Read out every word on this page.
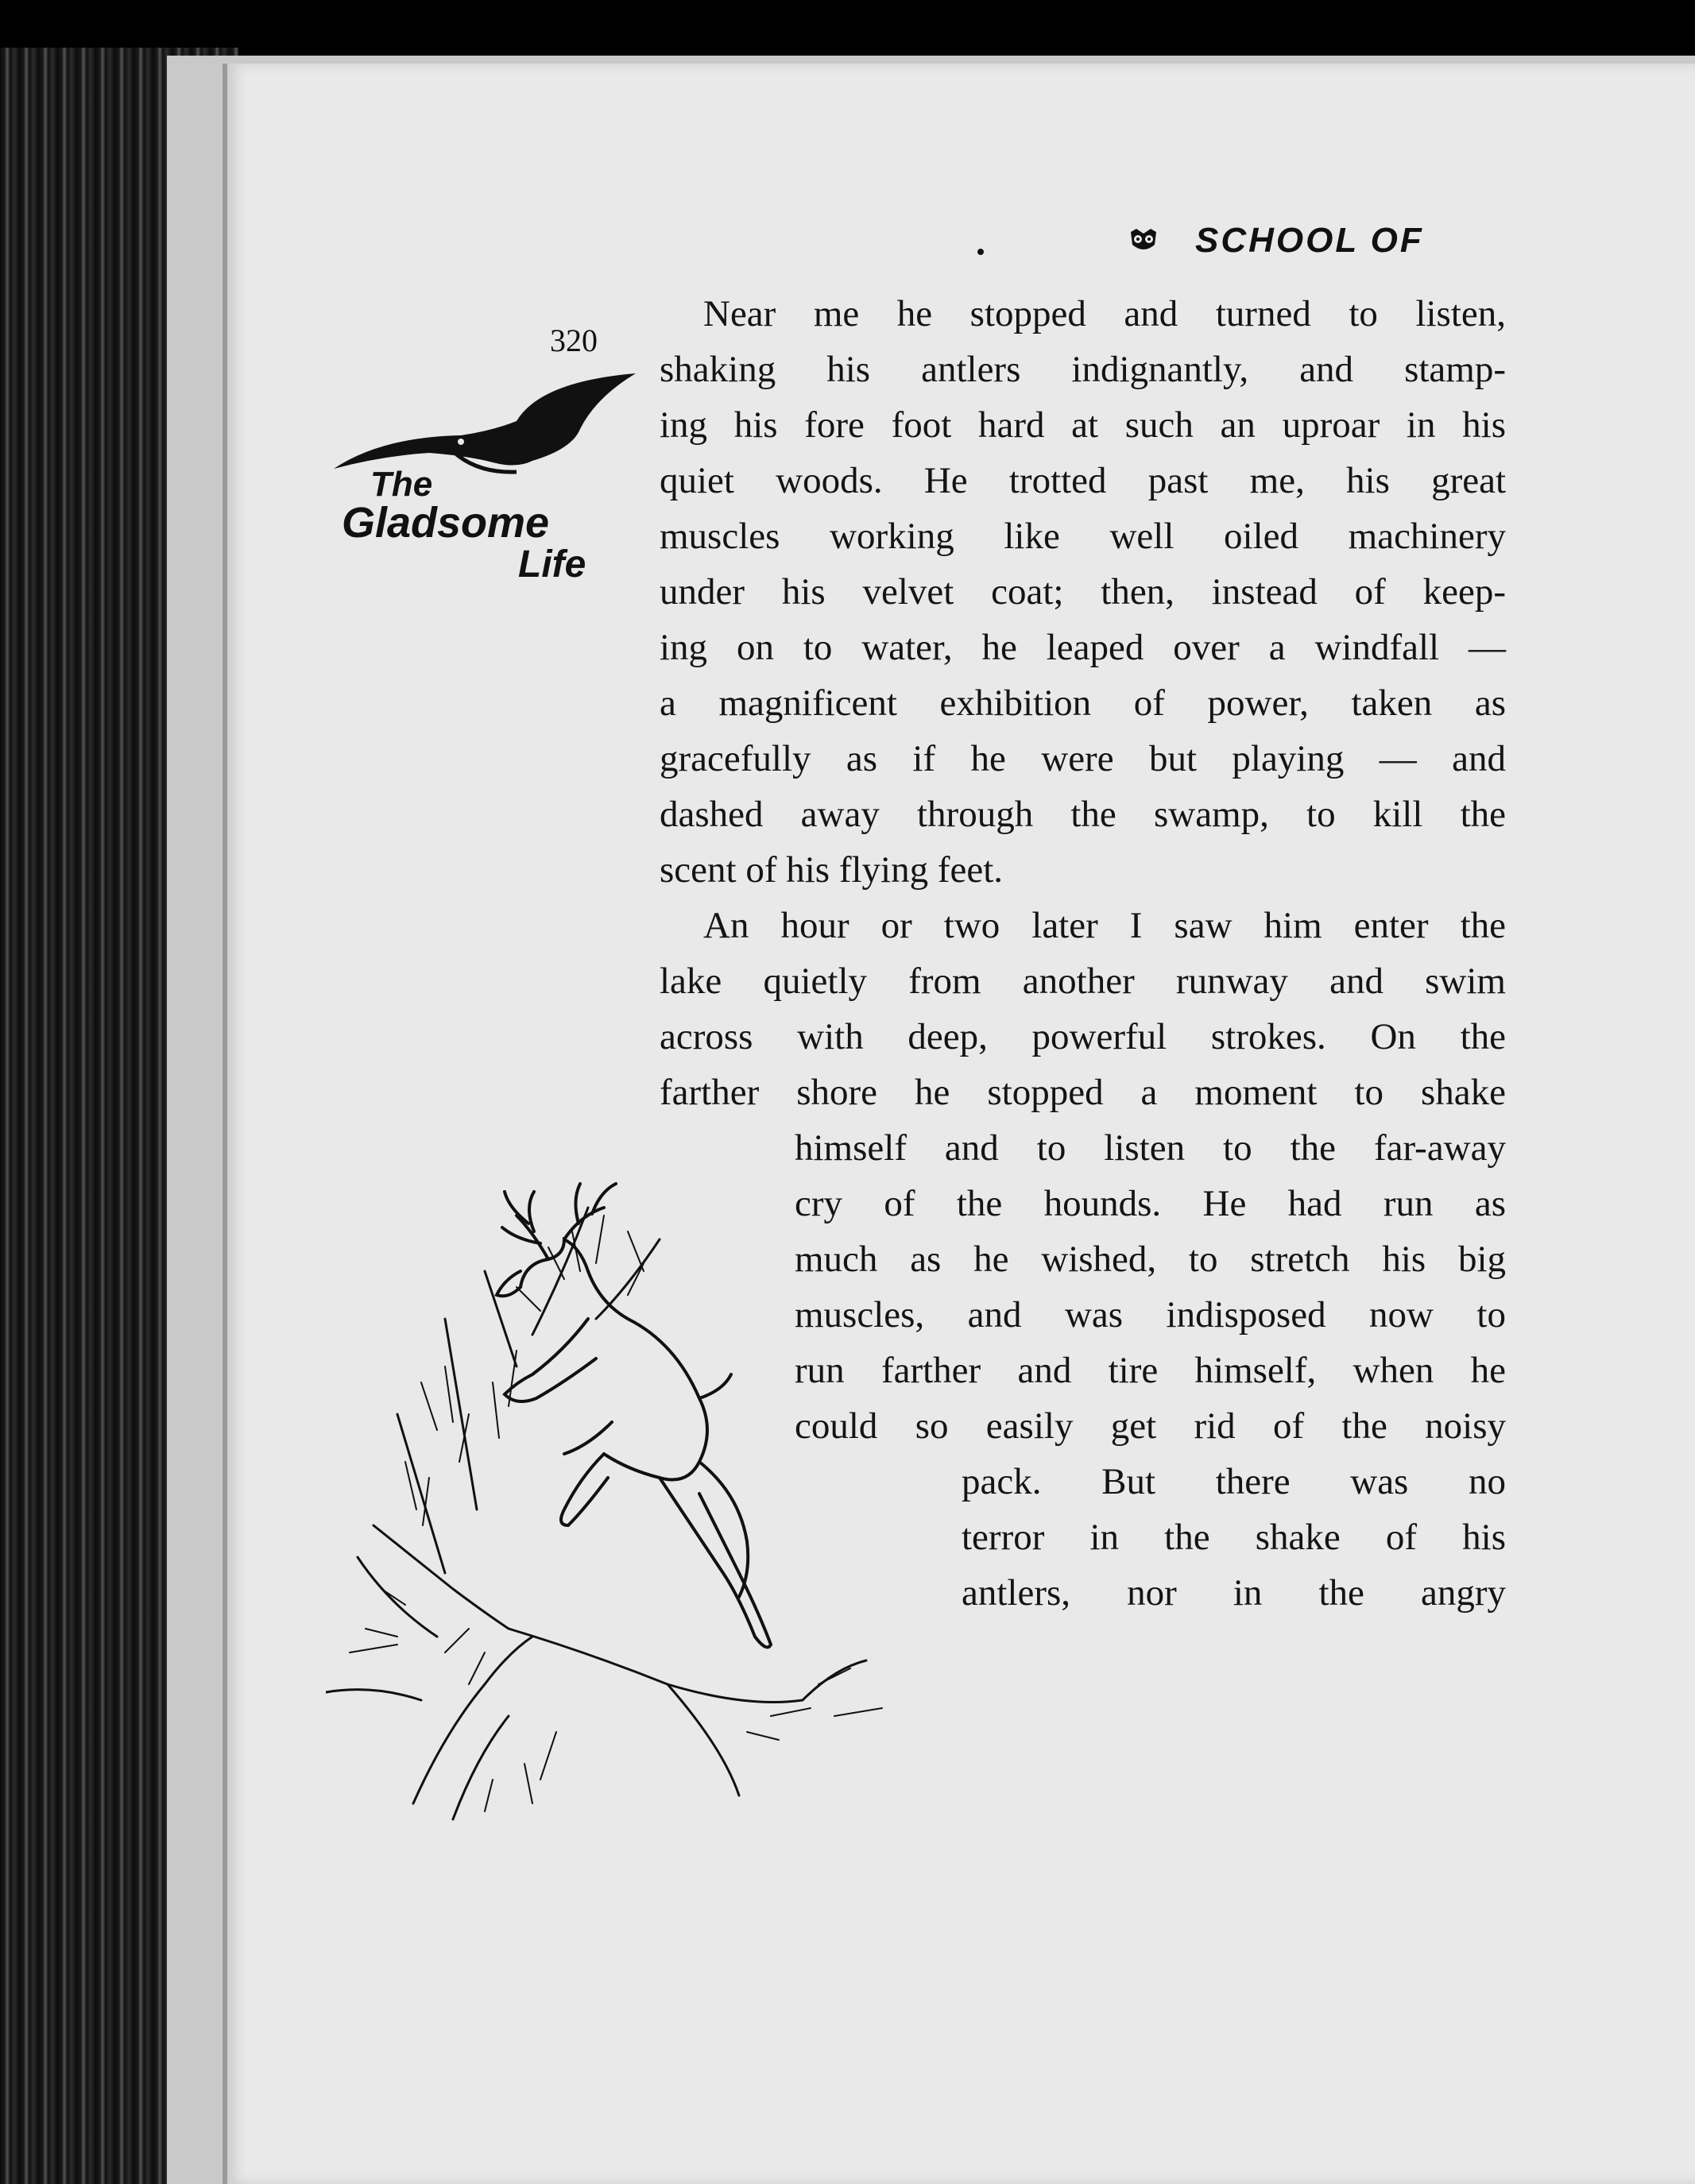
SCHOOL OF
320
The
Gladsome
Life
Near me he stopped and turned to listen,
shaking his antlers indignantly, and stamp-
ing his fore foot hard at such an uproar in his
quiet woods. He trotted past me, his great
muscles working like well oiled machinery
under his velvet coat; then, instead of keep-
ing on to water, he leaped over a windfall —
a magnificent exhibition of power, taken as
gracefully as if he were but playing — and
dashed away through the swamp, to kill the
scent of his flying feet.
An hour or two later I saw him enter the
lake quietly from another runway and swim
across with deep, powerful strokes. On the
farther shore he stopped a moment to shake
himself and to listen to the far-away
cry of the hounds. He had run as
much as he wished, to stretch his big
muscles, and was indisposed now to
run farther and tire himself, when he
could so easily get rid of the noisy
pack. But there was no
terror in the shake of his
antlers, nor in the angry
